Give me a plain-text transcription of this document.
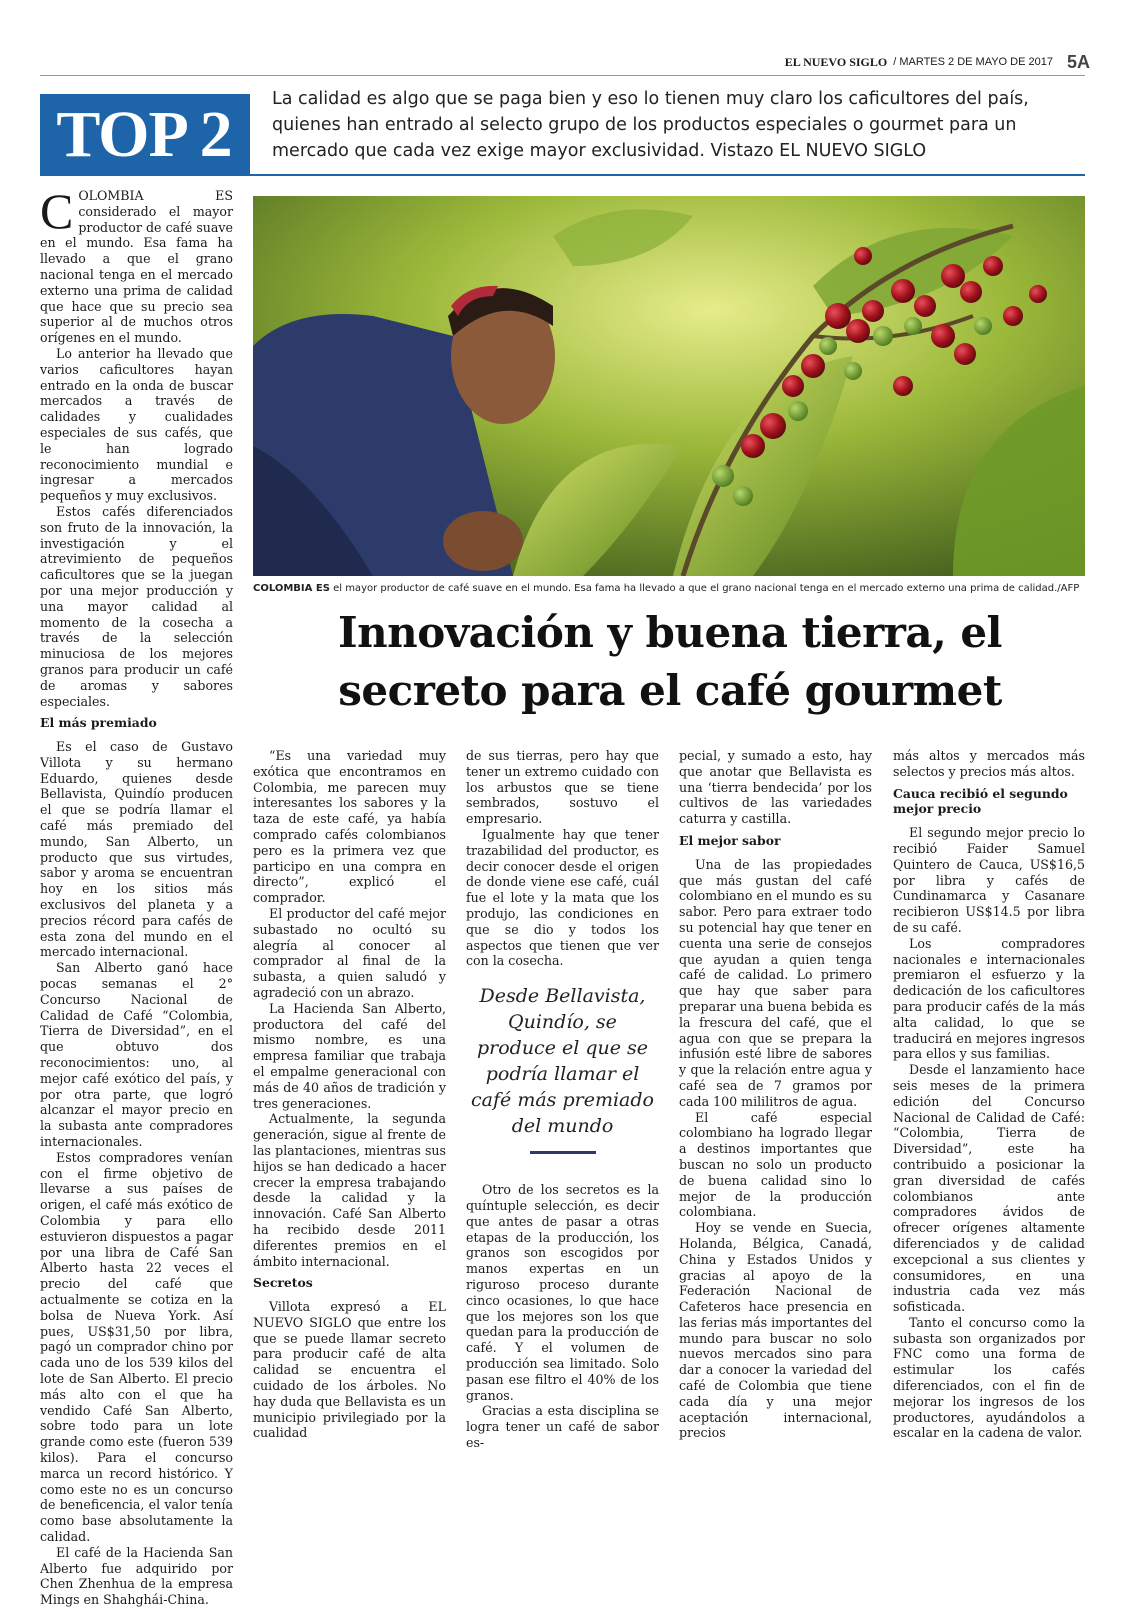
EL NUEVO SIGLO / MARTES 2 DE MAYO DE 2017 5A
TOP 2	La calidad es algo que se paga bien y eso lo tienen muy claro los caficultores del país, quienes han entrado al selecto grupo de los productos especiales o gourmet para un mercado que cada vez exige mayor exclusividad. Vistazo EL NUEVO SIGLO
COLOMBIA ES el mayor productor de café suave en el mundo. Esa fama ha llevado a que el grano nacional tenga en el mercado externo una prima de calidad./AFP
Innovación y buena tierra, el
secreto para el café gourmet

COLOMBIA ES considerado el mayor productor de café suave en el mundo. Esa fama ha llevado a que el grano nacional tenga en el mercado externo una prima de calidad que hace que su precio sea superior al de muchos otros orígenes en el mundo.

Lo anterior ha llevado que varios caficultores hayan entrado en la onda de buscar mercados a través de calidades y cualidades especiales de sus cafés, que le han logrado reconocimiento mundial e ingresar a mercados pequeños y muy exclusivos.

Estos cafés diferenciados son fruto de la innovación, la investigación y el atrevimiento de pequeños caficultores que se la juegan por una mejor producción y una mayor calidad al momento de la cosecha a través de la selección minuciosa de los mejores granos para producir un café de aromas y sabores especiales.

El más premiado

Es el caso de Gustavo Villota y su hermano Eduardo, quienes desde Bellavista, Quindío producen el que se podría llamar el café más premiado del mundo, San Alberto, un producto que sus virtudes, sabor y aroma se encuentran hoy en los sitios más exclusivos del planeta y a precios récord para cafés de esta zona del mundo en el mercado internacional.

San Alberto ganó hace pocas semanas el 2° Concurso Nacional de Calidad de Café “Colombia, Tierra de Diversidad”, en el que obtuvo dos reconocimientos: uno, al mejor café exótico del país, y por otra parte, que logró alcanzar el mayor precio en la subasta ante compradores internacionales.

Estos compradores venían con el firme objetivo de llevarse a sus países de origen, el café más exótico de Colombia y para ello estuvieron dispuestos a pagar por una libra de Café San Alberto hasta 22 veces el precio del café que actualmente se cotiza en la bolsa de Nueva York. Así pues, US$31,50 por libra, pagó un comprador chino por cada uno de los 539 kilos del lote de San Alberto. El precio más alto con el que ha vendido Café San Alberto, sobre todo para un lote grande como este (fueron 539 kilos). Para el concurso marca un record histórico. Y como este no es un concurso de beneficencia, el valor tenía como base absolutamente la calidad.

El café de la Hacienda San Alberto fue adquirido por Chen Zhenhua de la empresa Mings en Shahghái-China.

“Es una variedad muy exótica que encontramos en Colombia, me parecen muy interesantes los sabores y la taza de este café, ya había comprado cafés colombianos pero es la primera vez que participo en una compra en directo”, explicó el comprador.

El productor del café mejor subastado no ocultó su alegría al conocer al comprador al final de la subasta, a quien saludó y agradeció con un abrazo.

La Hacienda San Alberto, productora del café del mismo nombre, es una empresa familiar que trabaja el empalme generacional con más de 40 años de tradición y tres generaciones.

Actualmente, la segunda generación, sigue al frente de las plantaciones, mientras sus hijos se han dedicado a hacer crecer la empresa trabajando desde la calidad y la innovación. Café San Alberto ha recibido desde 2011 diferentes premios en el ámbito internacional.

Secretos

Villota expresó a EL NUEVO SIGLO que entre los que se puede llamar secreto para producir café de alta calidad se encuentra el cuidado de los árboles. No hay duda que Bellavista es un municipio privilegiado por la cualidad

de sus tierras, pero hay que tener un extremo cuidado con los arbustos que se tiene sembrados, sostuvo el empresario.

Igualmente hay que tener trazabilidad del productor, es decir conocer desde el origen de donde viene ese café, cuál fue el lote y la mata que los produjo, las condiciones en que se dio y todos los aspectos que tienen que ver con la cosecha.

Desde Bellavista, Quindío, se produce el que se podría llamar el café más premiado del mundo

Otro de los secretos es la quíntuple selección, es decir que antes de pasar a otras etapas de la producción, los granos son escogidos por manos expertas en un riguroso proceso durante cinco ocasiones, lo que hace que los mejores son los que quedan para la producción de café. Y el volumen de producción sea limitado. Solo pasan ese filtro el 40% de los granos.

Gracias a esta disciplina se logra tener un café de sabor es-

pecial, y sumado a esto, hay que anotar que Bellavista es una ‘tierra bendecida’ por los cultivos de las variedades caturra y castilla.

El mejor sabor

Una de las propiedades que más gustan del café colombiano en el mundo es su sabor. Pero para extraer todo su potencial hay que tener en cuenta una serie de consejos que ayudan a quien tenga café de calidad. Lo primero que hay que saber para preparar una buena bebida es la frescura del café, que el agua con que se prepara la infusión esté libre de sabores y que la relación entre agua y café sea de 7 gramos por cada 100 mililitros de agua.

El café especial colombiano ha logrado llegar a destinos importantes que buscan no solo un producto de buena calidad sino lo mejor de la producción colombiana.

Hoy se vende en Suecia, Holanda, Bélgica, Canadá, China y Estados Unidos y gracias al apoyo de la Federación Nacional de Cafeteros hace presencia en las ferias más importantes del mundo para buscar no solo nuevos mercados sino para dar a conocer la variedad del café de Colombia que tiene cada día y una mejor aceptación internacional, precios

más altos y mercados más selectos y precios más altos.

Cauca recibió el segundo mejor precio

El segundo mejor precio lo recibió Faider Samuel Quintero de Cauca, US$16,5 por libra y cafés de Cundinamarca y Casanare recibieron US$14.5 por libra de su café.

Los compradores nacionales e internacionales premiaron el esfuerzo y la dedicación de los caficultores para producir cafés de la más alta calidad, lo que se traducirá en mejores ingresos para ellos y sus familias.

Desde el lanzamiento hace seis meses de la primera edición del Concurso Nacional de Calidad de Café: “Colombia, Tierra de Diversidad”, este ha contribuido a posicionar la gran diversidad de cafés colombianos ante compradores ávidos de ofrecer orígenes altamente diferenciados y de calidad excepcional a sus clientes y consumidores, en una industria cada vez más sofisticada.

Tanto el concurso como la subasta son organizados por FNC como una forma de estimular los cafés diferenciados, con el fin de mejorar los ingresos de los productores, ayudándolos a escalar en la cadena de valor.
